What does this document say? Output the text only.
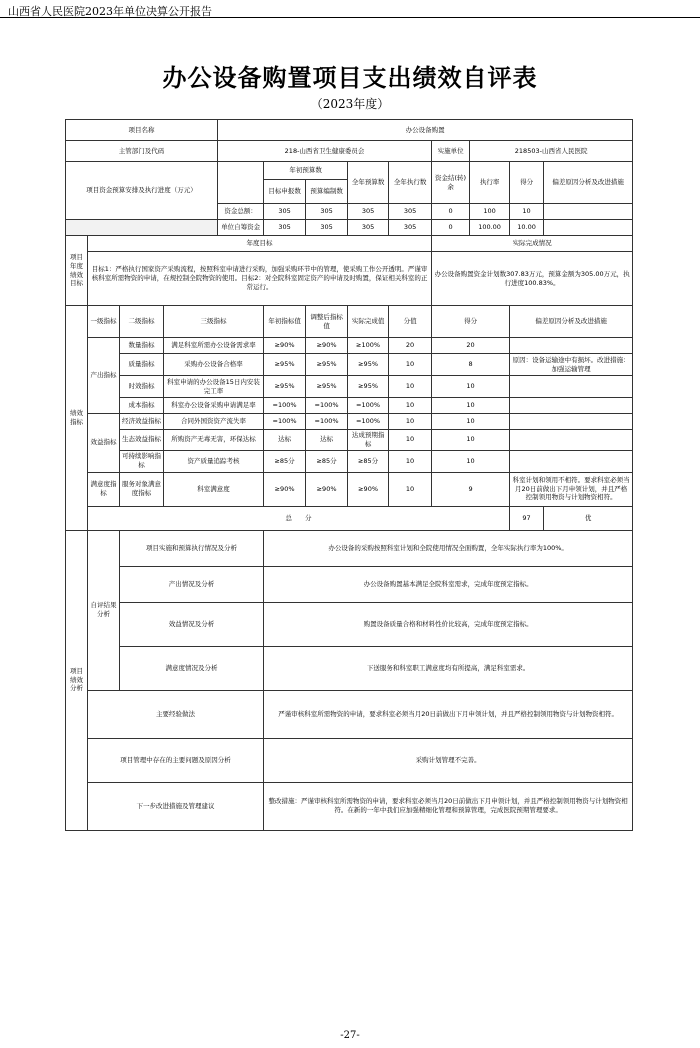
山西省人民医院2023年单位决算公开报告
办公设备购置项目支出绩效自评表
（2023年度）
项目名称				办公设备购置								
主管部门及代码				218-山西省卫生健康委员会					实施单位	218503-山西省人民医院		
项目资金预算安排及执行进度（万元）					年初预算数		全年预算数	全年执行数	资金结(转)余	执行率	得分	偏差原因分析及改进措施
					目标申报数	预算编制数						
				资金总额：	305	305	305	305	0	100	10	
				单位自筹资金	305	305	305	305	0	100.00	10.00	
项目年度绩效目标	年度目标								实际完成情况			
	目标1：严格执行国家资产采购流程，按照科室申请进行采购，加强采购环节中的管理，使采购工作公开透明。严谨审核科室所需物资的申请，在规控制全院物资的使用。目标2：对全院科室固定资产的申请及时购置，保证相关科室的正常运行。								办公设备购置资金计划数307.83万元，预算金额为305.00万元，执行进度100.83%。			
绩效指标	一级指标	二级指标	三级指标		年初指标值	调整后指标值	实际完成值	分值	得分		偏差原因分析及改进措施	
	产出指标	数量指标	满足科室所需办公设备需求率		≥90%	≥90%	≥100%	20	20			
		质量指标	采购办公设备合格率		≥95%	≥95%	≥95%	10	8		原因：设备运输途中有损坏。改进措施：加强运输管理	
		时效指标	科室申请的办公设备15日内安装完工率		≥95%	≥95%	≥95%	10	10			
		成本指标	科室办公设备采购申请满足率		=100%	=100%	=100%	10	10			
	效益指标	经济效益指标	合同外国资资产流失率		=100%	=100%	=100%	10	10			
		生态效益指标	所购资产无毒无害，环保达标		达标	达标	达成预期指标	10	10			
		可持续影响指标	资产质量追踪考核		≥85分	≥85分	≥85分	10	10			
	满意度指标	服务对象满意度指标	科室满意度		≥90%	≥90%	≥90%	10	9		科室计划和领用不相符。要求科室必须当月20日前做出下月申领计划，并且严格控制领用物资与计划物资相符。	
	总　　分										97	优
项目绩效分析	自评结果分析	项目实施和预算执行情况及分析			办公设备的采购按照科室计划和全院使用情况全面购置，全年实际执行率为100%。							
		产出情况及分析			办公设备购置基本满足全院科室需求，完成年度预定指标。							
		效益情况及分析			购置设备质量合格和材料性价比较高，完成年度预定指标。							
		满意度情况及分析			下送服务和科室职工满意度均有所提高，满足科室需求。							
	主要经验做法				严谨审核科室所需物资的申请，要求科室必须当月20日前做出下月申领计划，并且严格控制领用物资与计划物资相符。							
	项目管理中存在的主要问题及原因分析				采购计划管理不完善。							
	下一步改进措施及管理建议				整改措施：严谨审核科室所需物资的申请，要求科室必须当月20日前做出下月申领计划，并且严格控制领用物资与计划物资相符。在新的一年中我们应加强精细化管理和预算管理，完成医院预期管理要求。							
-27-
